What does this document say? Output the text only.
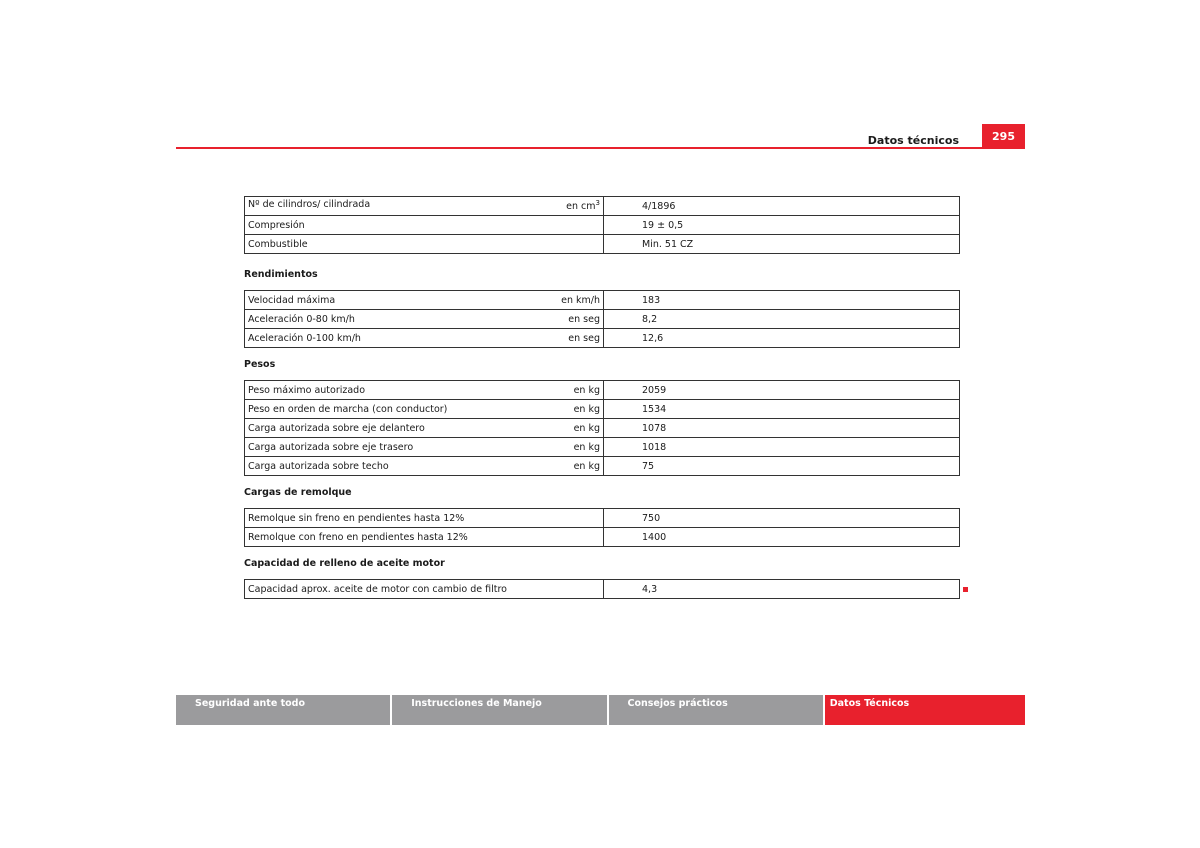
Datos técnicos	295
Nº de cilindros/ cilindrada en $cm^3$	4/1896
Compresión	19 ± 0,5
Combustible	Min. 51 CZ
Rendimientos
Velocidad máxima en km/h	183
Aceleración 0-80 km/h en seg	8,2
Aceleración 0-100 km/h en seg	12,6
Pesos
Peso máximo autorizado en kg	2059
Peso en orden de marcha (con conductor) en kg	1534
Carga autorizada sobre eje delantero en kg	1078
Carga autorizada sobre eje trasero en kg	1018
Carga autorizada sobre techo en kg	75
Cargas de remolque
Remolque sin freno en pendientes hasta 12%	750
Remolque con freno en pendientes hasta 12%	1400
Capacidad de relleno de aceite motor
Capacidad aprox. aceite de motor con cambio de filtro	4,3
Seguridad ante todo	Instrucciones de Manejo	Consejos prácticos	Datos Técnicos
